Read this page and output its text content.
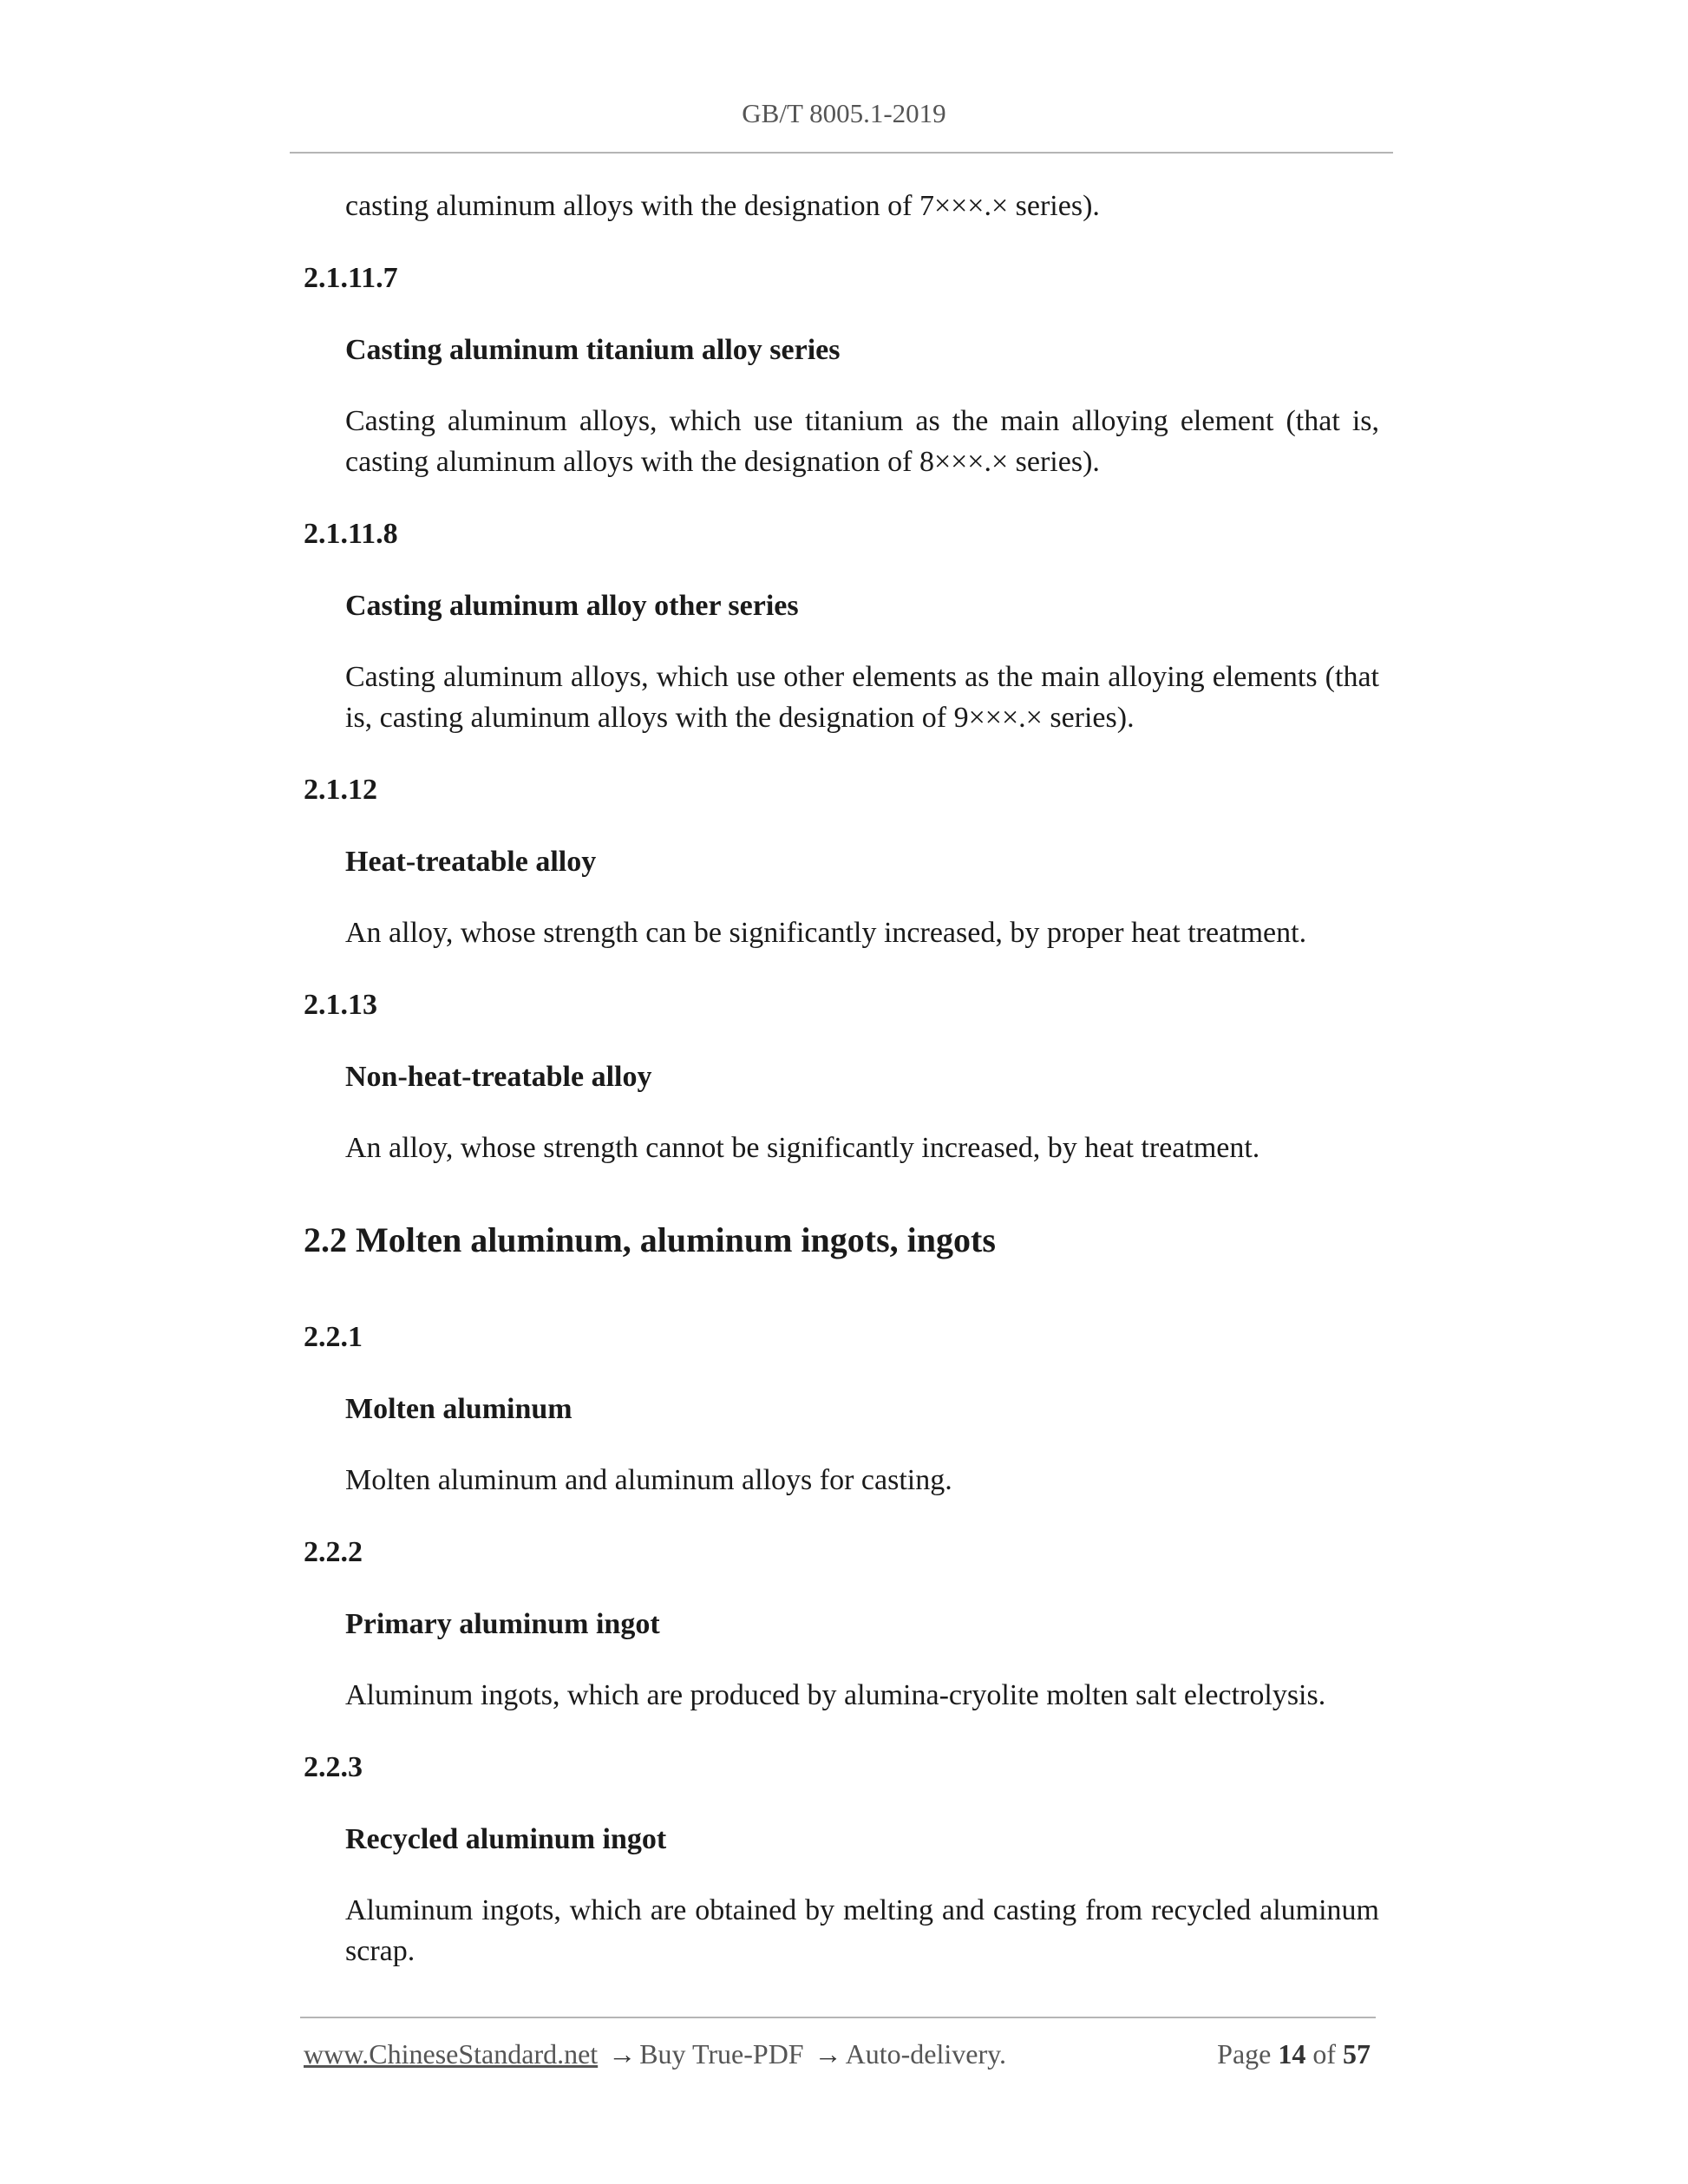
GB/T 8005.1-2019
casting aluminum alloys with the designation of 7×××.× series).
2.1.11.7
Casting aluminum titanium alloy series
Casting aluminum alloys, which use titanium as the main alloying element (that is, casting aluminum alloys with the designation of 8×××.× series).
2.1.11.8
Casting aluminum alloy other series
Casting aluminum alloys, which use other elements as the main alloying elements (that is, casting aluminum alloys with the designation of 9×××.× series).
2.1.12
Heat-treatable alloy
An alloy, whose strength can be significantly increased, by proper heat treatment.
2.1.13
Non-heat-treatable alloy
An alloy, whose strength cannot be significantly increased, by heat treatment.
2.2 Molten aluminum, aluminum ingots, ingots
2.2.1
Molten aluminum
Molten aluminum and aluminum alloys for casting.
2.2.2
Primary aluminum ingot
Aluminum ingots, which are produced by alumina-cryolite molten salt electrolysis.
2.2.3
Recycled aluminum ingot
Aluminum ingots, which are obtained by melting and casting from recycled aluminum scrap.
www.ChineseStandard.net → Buy True-PDF → Auto-delivery.	Page 14 of 57
